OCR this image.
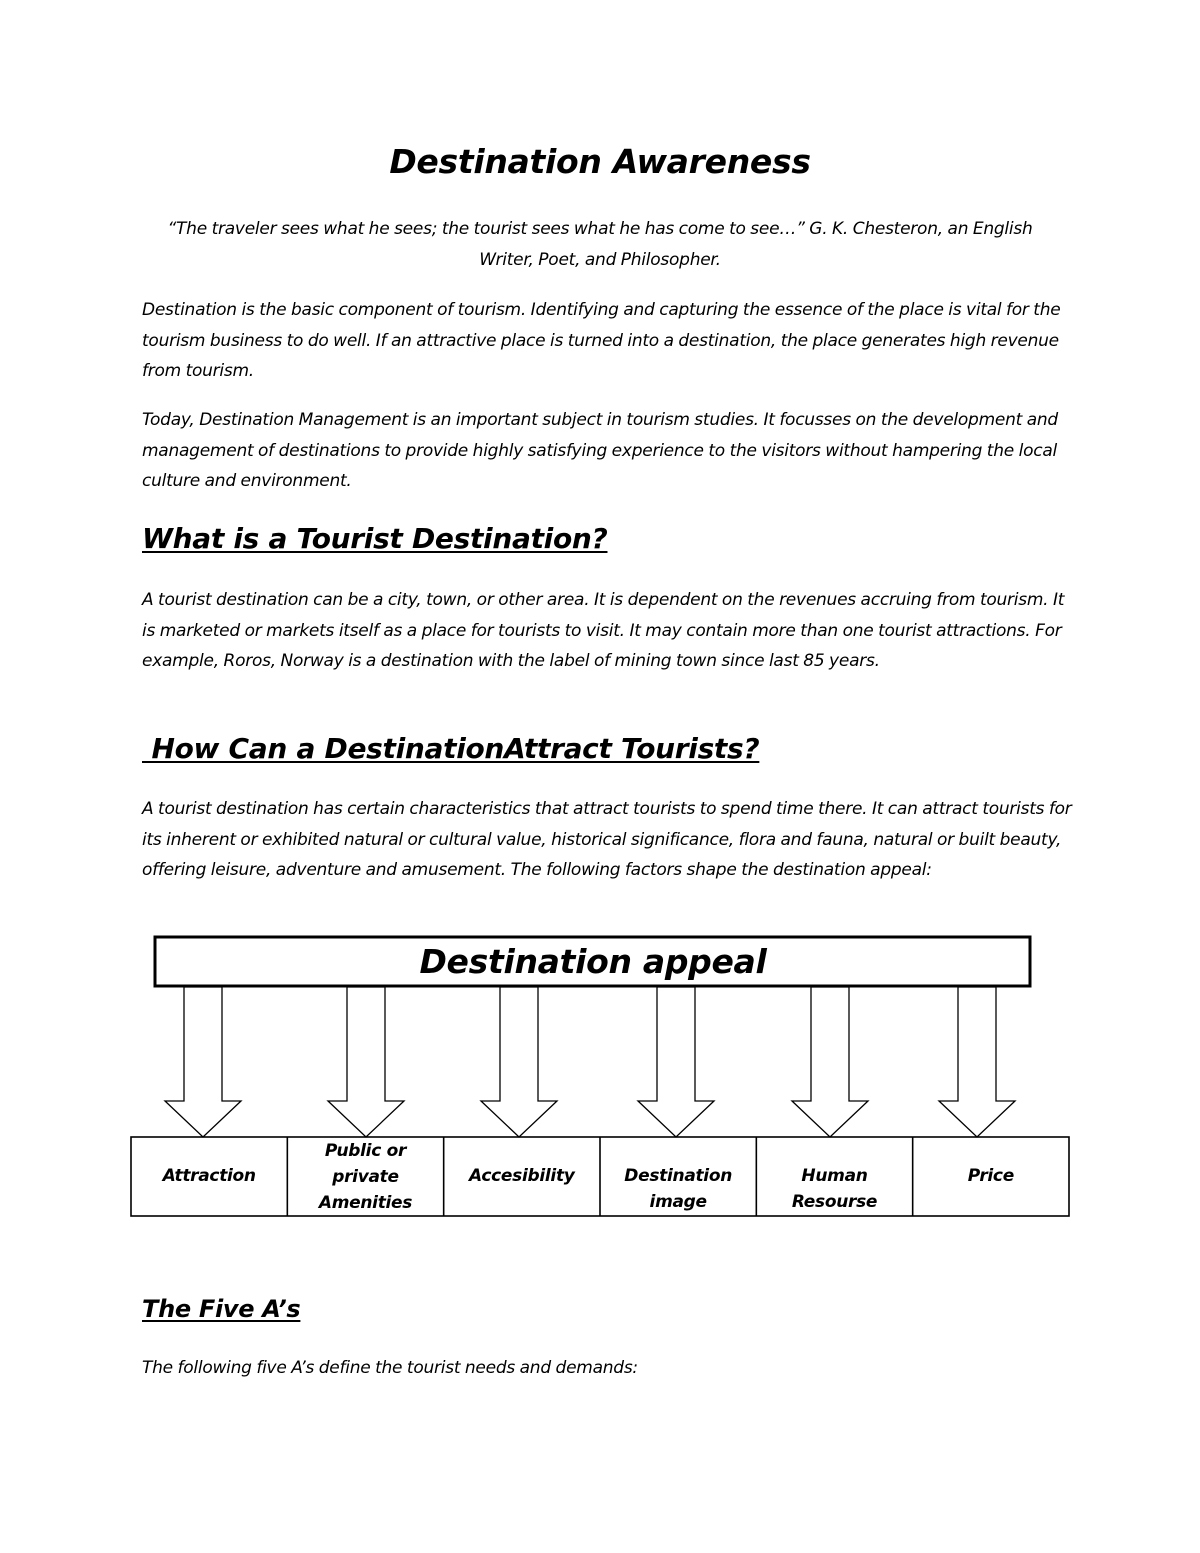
Destination Awareness
“The traveler sees what he sees; the tourist sees what he has come to see…” G. K. Chesteron, an English Writer, Poet, and Philosopher.

Destination is the basic component of tourism. Identifying and capturing the essence of the place is vital for the tourism business to do well. If an attractive place is turned into a destination, the place generates high revenue from tourism.

Today, Destination Management is an important subject in tourism studies. It focusses on the development and management of destinations to provide highly satisfying experience to the visitors without hampering the local culture and environment.

What is a Tourist Destination?

A tourist destination can be a city, town, or other area. It is dependent on the revenues accruing from tourism. It is marketed or markets itself as a place for tourists to visit. It may contain more than one tourist attractions. For example, Roros, Norway is a destination with the label of mining town since last 85 years.

How Can a DestinationAttract Tourists?

A tourist destination has certain characteristics that attract tourists to spend time there. It can attract tourists for its inherent or exhibited natural or cultural value, historical significance, flora and fauna, natural or built beauty, offering leisure, adventure and amusement. The following factors shape the destination appeal:

Destination appeal
Attraction
Public or private Amenities
Accesibility	Destination image
Human Resourse
Price
The Five A’s

The following five A’s define the tourist needs and demands:
